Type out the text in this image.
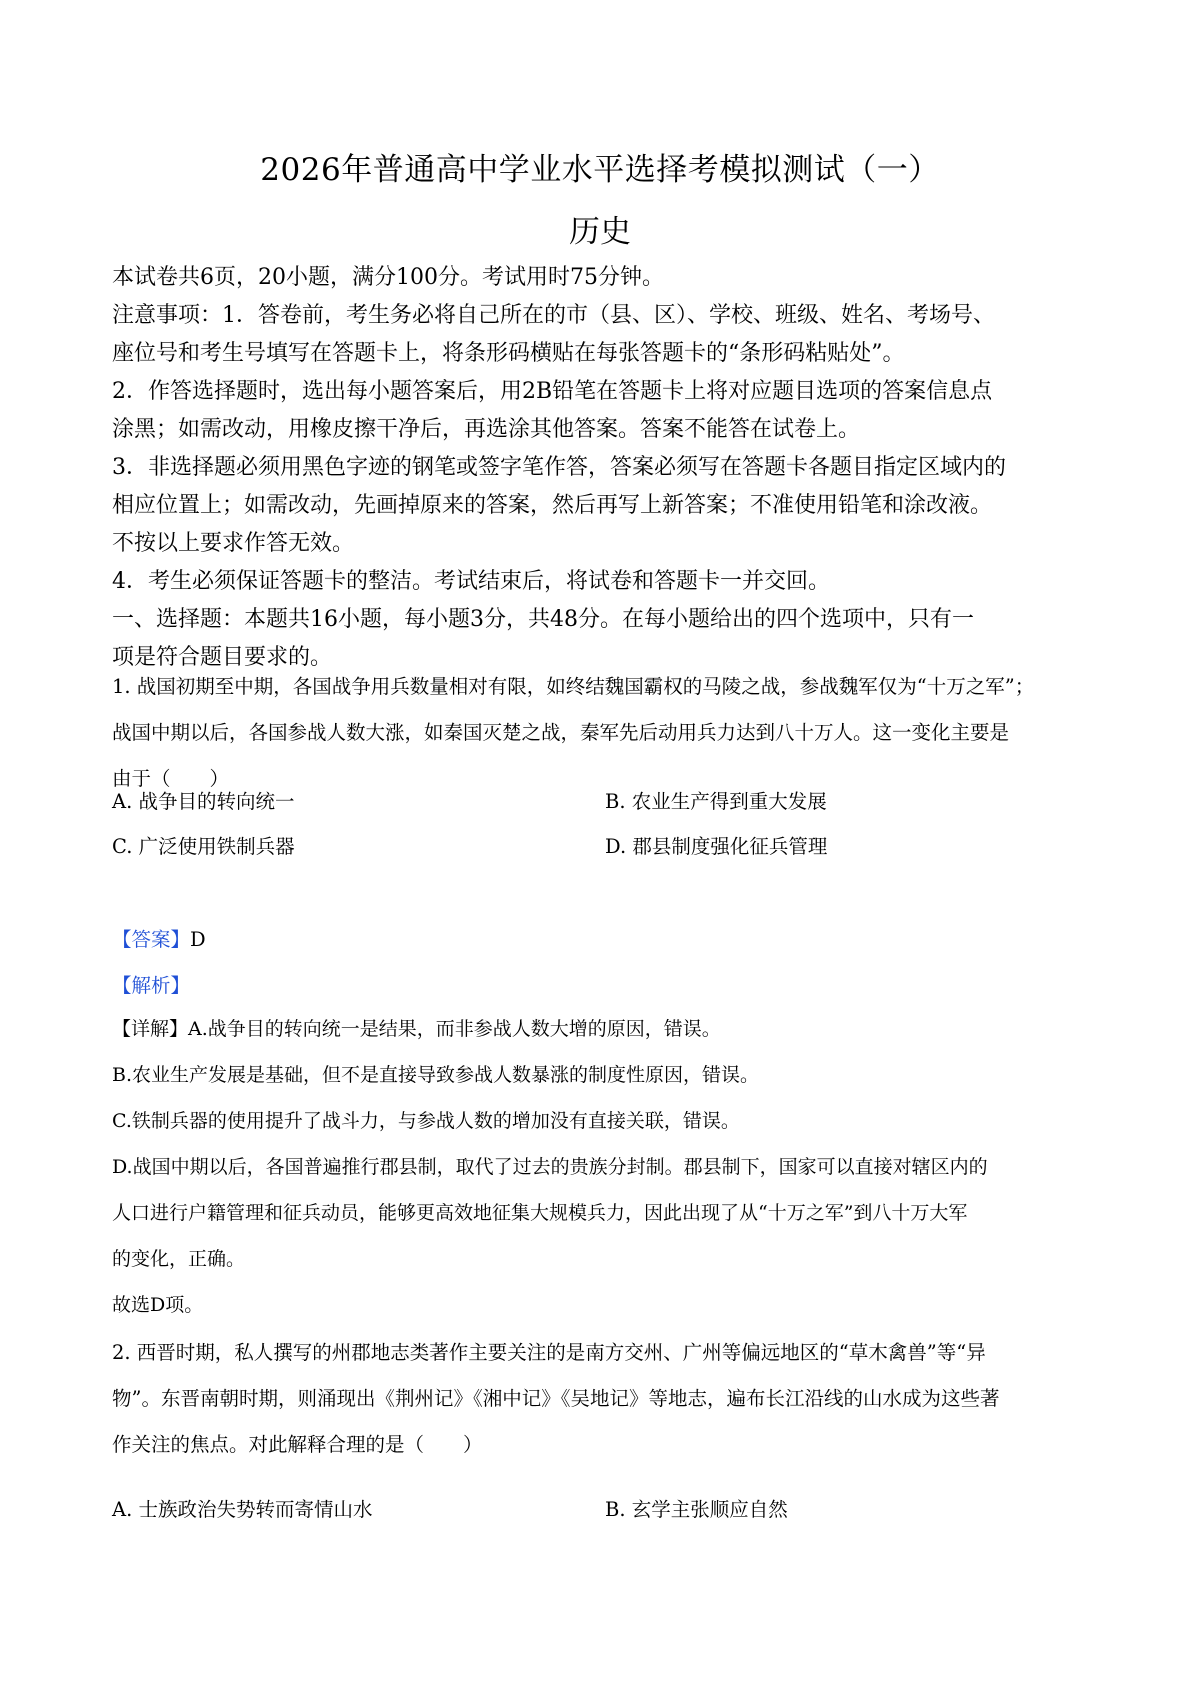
2026年普通高中学业水平选择考模拟测试（一）
历史

本试卷共6页，20小题，满分100分。考试用时75分钟。

注意事项：1．答卷前，考生务必将自己所在的市（县、区）、学校、班级、姓名、考场号、

座位号和考生号填写在答题卡上，将条形码横贴在每张答题卡的“条形码粘贴处”。

2．作答选择题时，选出每小题答案后，用2B铅笔在答题卡上将对应题目选项的答案信息点

涂黑；如需改动，用橡皮擦干净后，再选涂其他答案。答案不能答在试卷上。

3．非选择题必须用黑色字迹的钢笔或签字笔作答，答案必须写在答题卡各题目指定区域内的

相应位置上；如需改动，先画掉原来的答案，然后再写上新答案；不准使用铅笔和涂改液。

不按以上要求作答无效。

4．考生必须保证答题卡的整洁。考试结束后，将试卷和答题卡一并交回。

一、选择题：本题共16小题，每小题3分，共48分。在每小题给出的四个选项中，只有一

项是符合题目要求的。

1. 战国初期至中期，各国战争用兵数量相对有限，如终结魏国霸权的马陵之战，参战魏军仅为“十万之军”；

战国中期以后，各国参战人数大涨，如秦国灭楚之战，秦军先后动用兵力达到八十万人。这一变化主要是

由于（　　）

A. 战争目的转向统一	B. 农业生产得到重大发展
C. 广泛使用铁制兵器	D. 郡县制度强化征兵管理
【答案】D
【解析】

【详解】A.战争目的转向统一是结果，而非参战人数大增的原因，错误。

B.农业生产发展是基础，但不是直接导致参战人数暴涨的制度性原因，错误。

C.铁制兵器的使用提升了战斗力，与参战人数的增加没有直接关联，错误。

D.战国中期以后，各国普遍推行郡县制，取代了过去的贵族分封制。郡县制下，国家可以直接对辖区内的

人口进行户籍管理和征兵动员，能够更高效地征集大规模兵力，因此出现了从“十万之军”到八十万大军

的变化，正确。

故选D项。

2. 西晋时期，私人撰写的州郡地志类著作主要关注的是南方交州、广州等偏远地区的“草木禽兽”等“异

物”。东晋南朝时期，则涌现出《荆州记》《湘中记》《吴地记》等地志，遍布长江沿线的山水成为这些著

作关注的焦点。对此解释合理的是（　　）

A. 士族政治失势转而寄情山水	B. 玄学主张顺应自然
